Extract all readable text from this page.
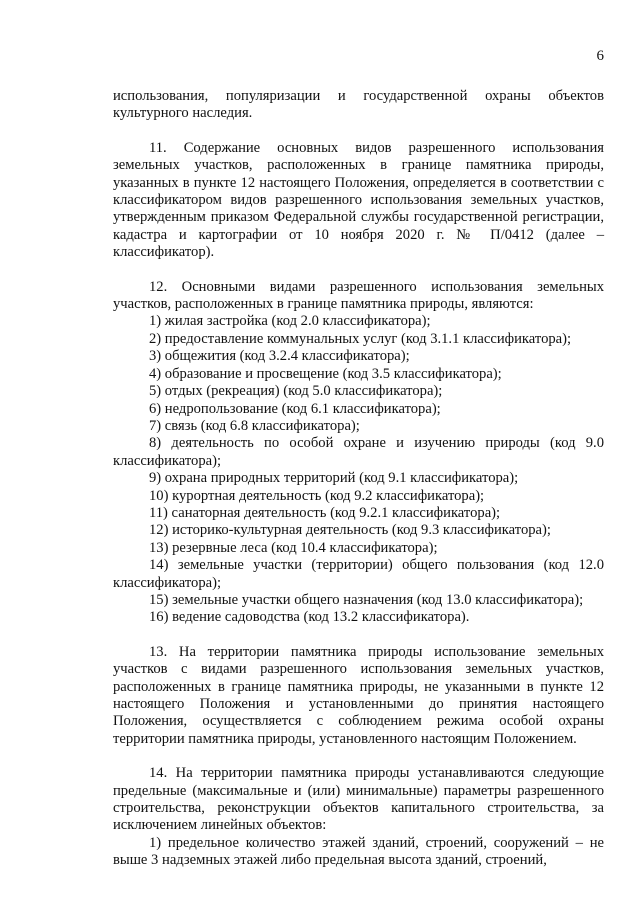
6

использования, популяризации и государственной охраны объектов культурного наследия.

11. Содержание основных видов разрешенного использования земельных участков, расположенных в границе памятника природы, указанных в пункте 12 настоящего Положения, определяется в соответствии с классификатором видов разрешенного использования земельных участков, утвержденным приказом Федеральной службы государственной регистрации, кадастра и картографии от 10 ноября 2020 г. № П/0412 (далее – классификатор).

12. Основными видами разрешенного использования земельных участков, расположенных в границе памятника природы, являются:

1) жилая застройка (код 2.0 классификатора);

2) предоставление коммунальных услуг (код 3.1.1 классификатора);

3) общежития (код 3.2.4 классификатора);

4) образование и просвещение (код 3.5 классификатора);

5) отдых (рекреация) (код 5.0 классификатора);

6) недропользование (код 6.1 классификатора);

7) связь (код 6.8 классификатора);

8) деятельность по особой охране и изучению природы (код 9.0 классификатора);

9) охрана природных территорий (код 9.1 классификатора);

10) курортная деятельность (код 9.2 классификатора);

11) санаторная деятельность (код 9.2.1 классификатора);

12) историко-культурная деятельность (код 9.3 классификатора);

13) резервные леса (код 10.4 классификатора);

14) земельные участки (территории) общего пользования (код 12.0 классификатора);

15) земельные участки общего назначения (код 13.0 классификатора);

16) ведение садоводства (код 13.2 классификатора).

13. На территории памятника природы использование земельных участков с видами разрешенного использования земельных участков, расположенных в границе памятника природы, не указанными в пункте 12 настоящего Положения и установленными до принятия настоящего Положения, осуществляется с соблюдением режима особой охраны территории памятника природы, установленного настоящим Положением.

14. На территории памятника природы устанавливаются следующие предельные (максимальные и (или) минимальные) параметры разрешенного строительства, реконструкции объектов капитального строительства, за исключением линейных объектов:

1) предельное количество этажей зданий, строений, сооружений – не выше 3 надземных этажей либо предельная высота зданий, строений,
